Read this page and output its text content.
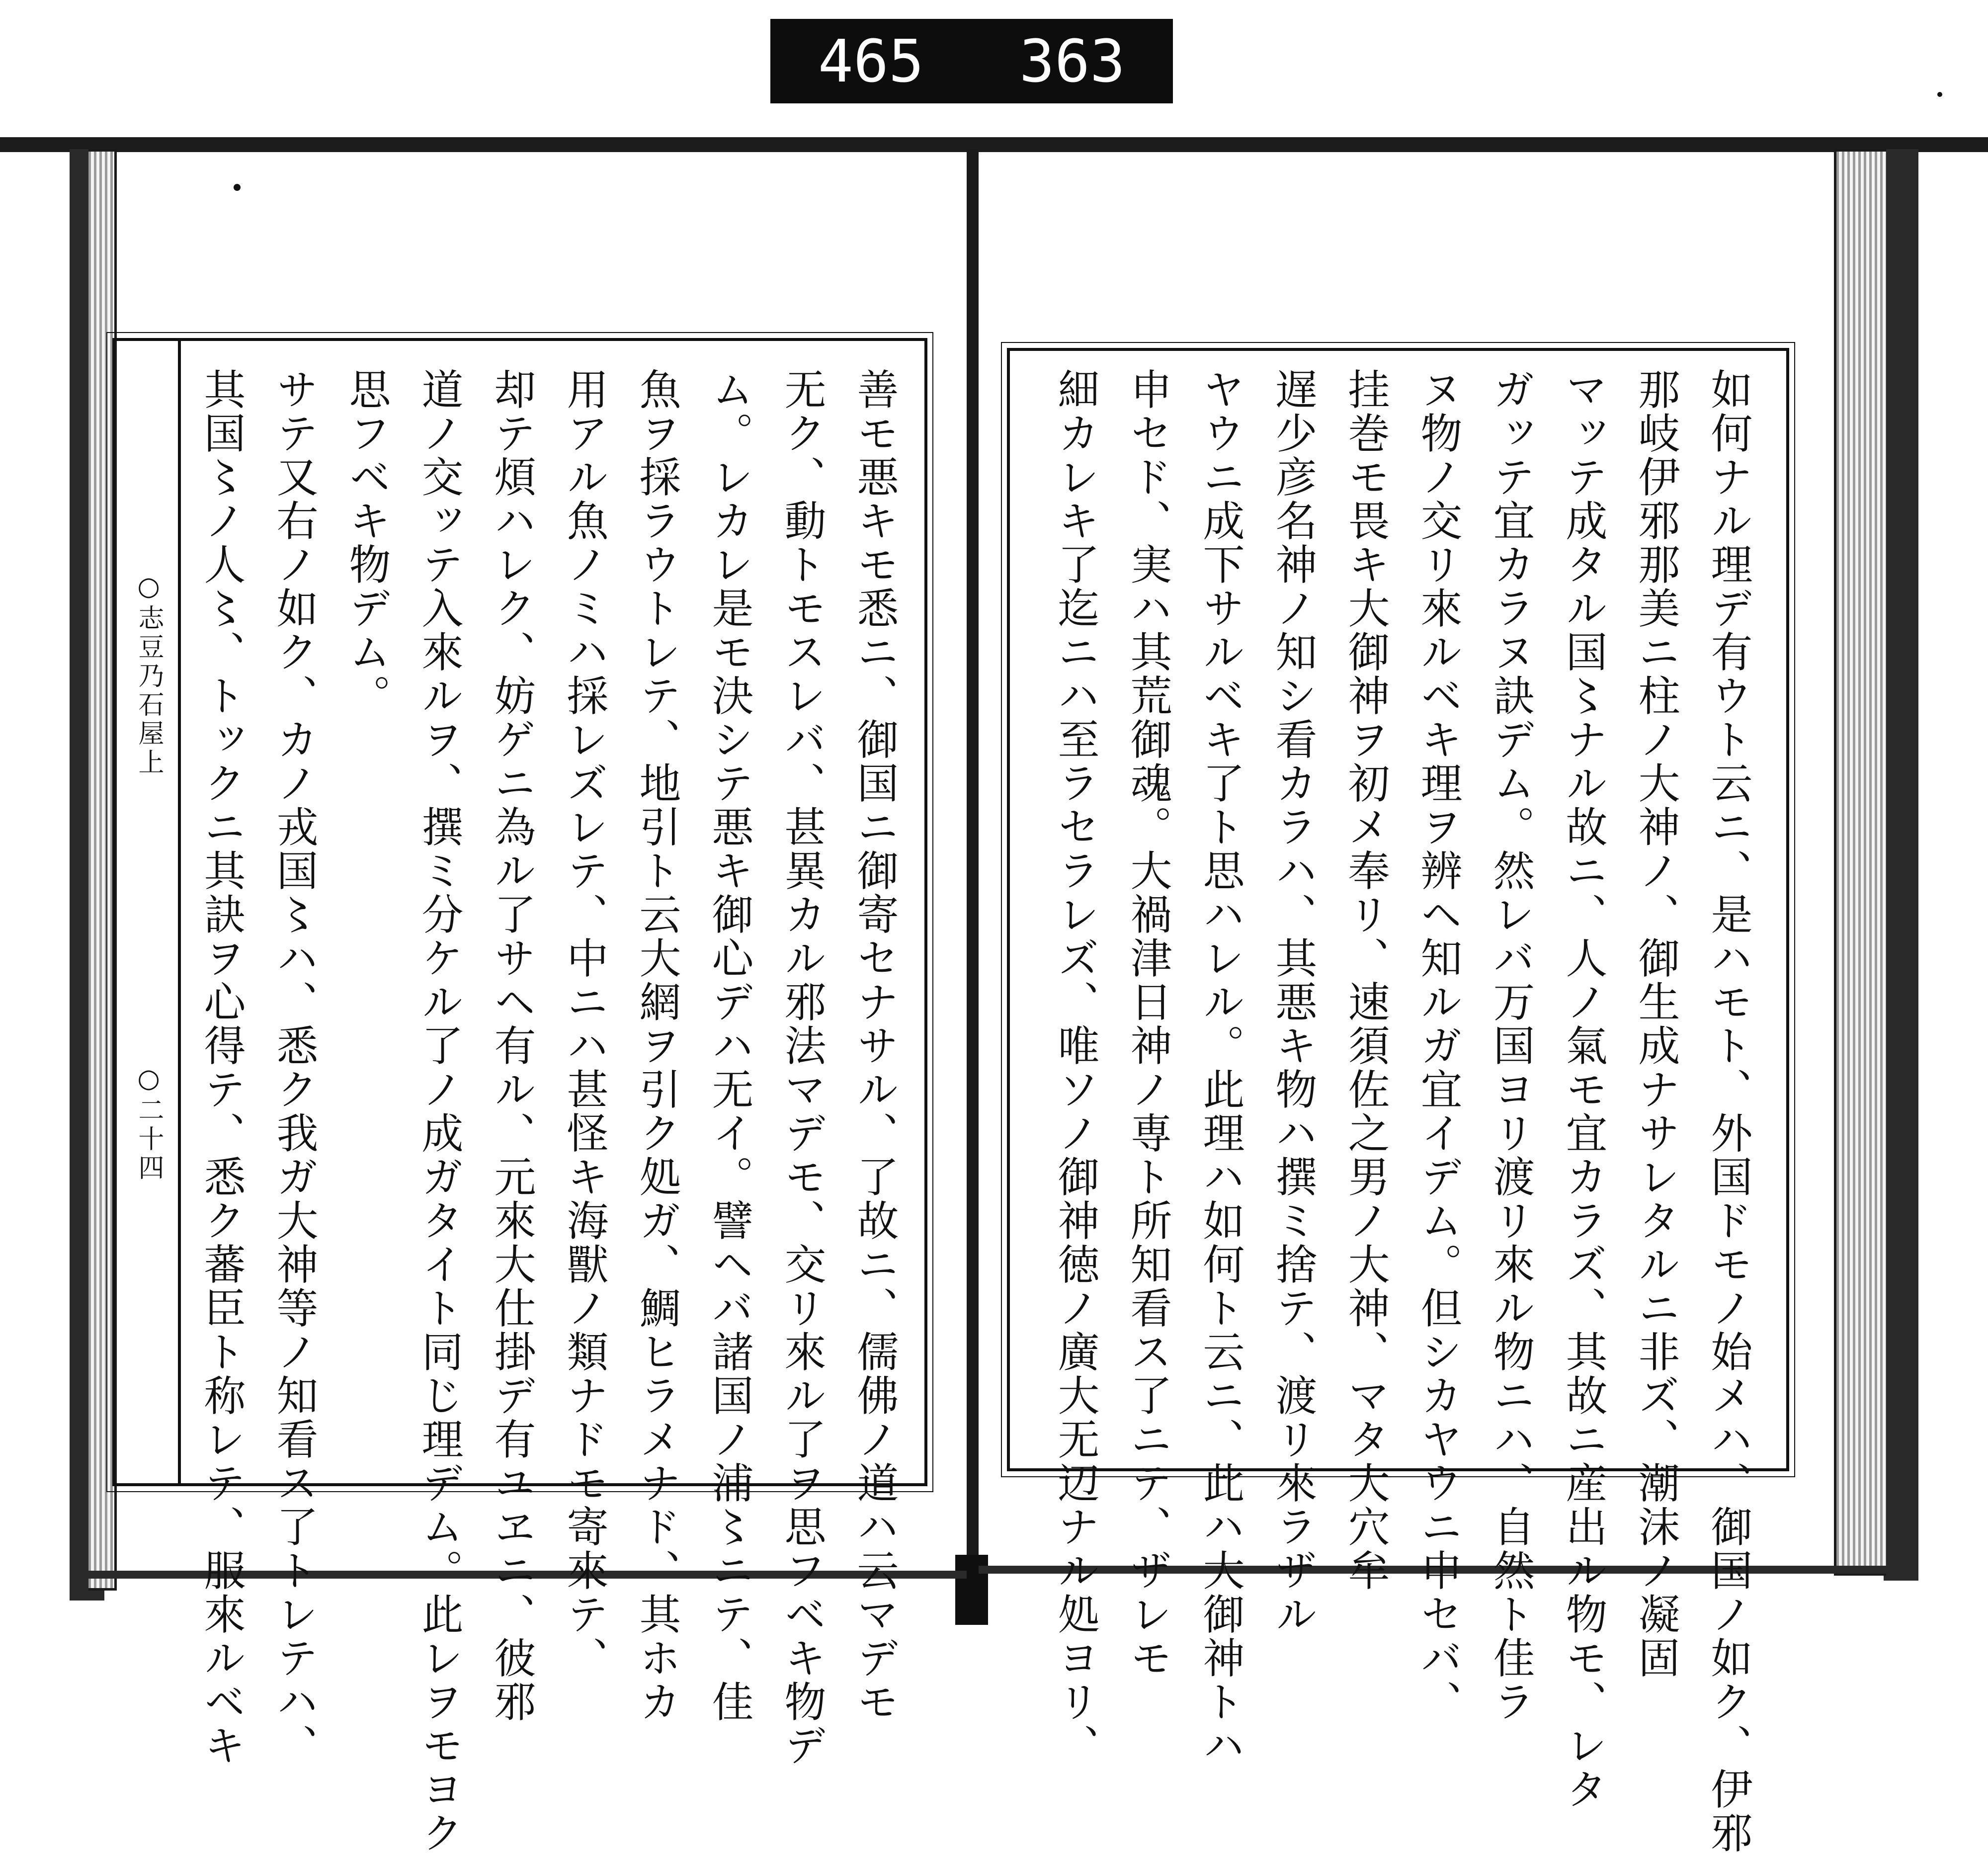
465 363
如何ナル理デ有ウト云ニ、是ハモト、外国ドモノ始メハ、御国ノ如ク、伊邪
那岐伊邪那美ニ柱ノ大神ノ、御生成ナサレタルニ非ズ、潮沫ノ凝固
マッテ成タル国〻ナル故ニ、人ノ氣モ宜カラズ、其故ニ産出ル物モ、レタ
ガッテ宜カラヌ訣デム。然レバ万国ヨリ渡リ來ル物ニハ、自然ト佳ラ
ヌ物ノ交リ來ルベキ理ヲ辨ヘ知ルガ宜イデム。但シカヤウニ申セバ、
挂巻モ畏キ大御神ヲ初メ奉リ、速須佐之男ノ大神、マタ大穴牟
遅少彦名神ノ知シ看カラハ、其悪キ物ハ撰ミ捨テ、渡リ來ラザル
ヤウニ成下サルベキ了ト思ハレル。此理ハ如何ト云ニ、此ハ大御神トハ
申セド、実ハ其荒御魂。大禍津日神ノ専ト所知看ス了ニテ、ザレモ
細カレキ了迄ニハ至ラセラレズ、唯ソノ御神徳ノ廣大无辺ナル処ヨリ、
善モ悪キモ悉ニ、御国ニ御寄セナサル、了故ニ、儒佛ノ道ハ云マデモ
无ク、動トモスレバ、甚異カル邪法マデモ、交リ來ル了ヲ思フベキ物デ
ム。レカレ是モ決シテ悪キ御心デハ无イ。譬ヘバ諸国ノ浦〻ニテ、佳
魚ヲ採ラウトレテ、地引ト云大網ヲ引ク処ガ、鯛ヒラメナド、其ホカ
用アル魚ノミハ採レズレテ、中ニハ甚怪キ海獸ノ類ナドモ寄來テ、
却テ煩ハレク、妨ゲニ為ル了サヘ有ル、元來大仕掛デ有ユヱニ、彼邪
道ノ交ッテ入來ルヲ、撰ミ分ケル了ノ成ガタイト同じ理デム。此レヲモヨク
思フベキ物デム。
サテ又右ノ如ク、カノ戎国〻ハ、悉ク我ガ大神等ノ知看ス了トレテハ、
其国〻ノ人〻、トックニ其訣ヲ心得テ、悉ク蕃臣ト称レテ、服來ルベキ
○志豆乃石屋上
○二十四
